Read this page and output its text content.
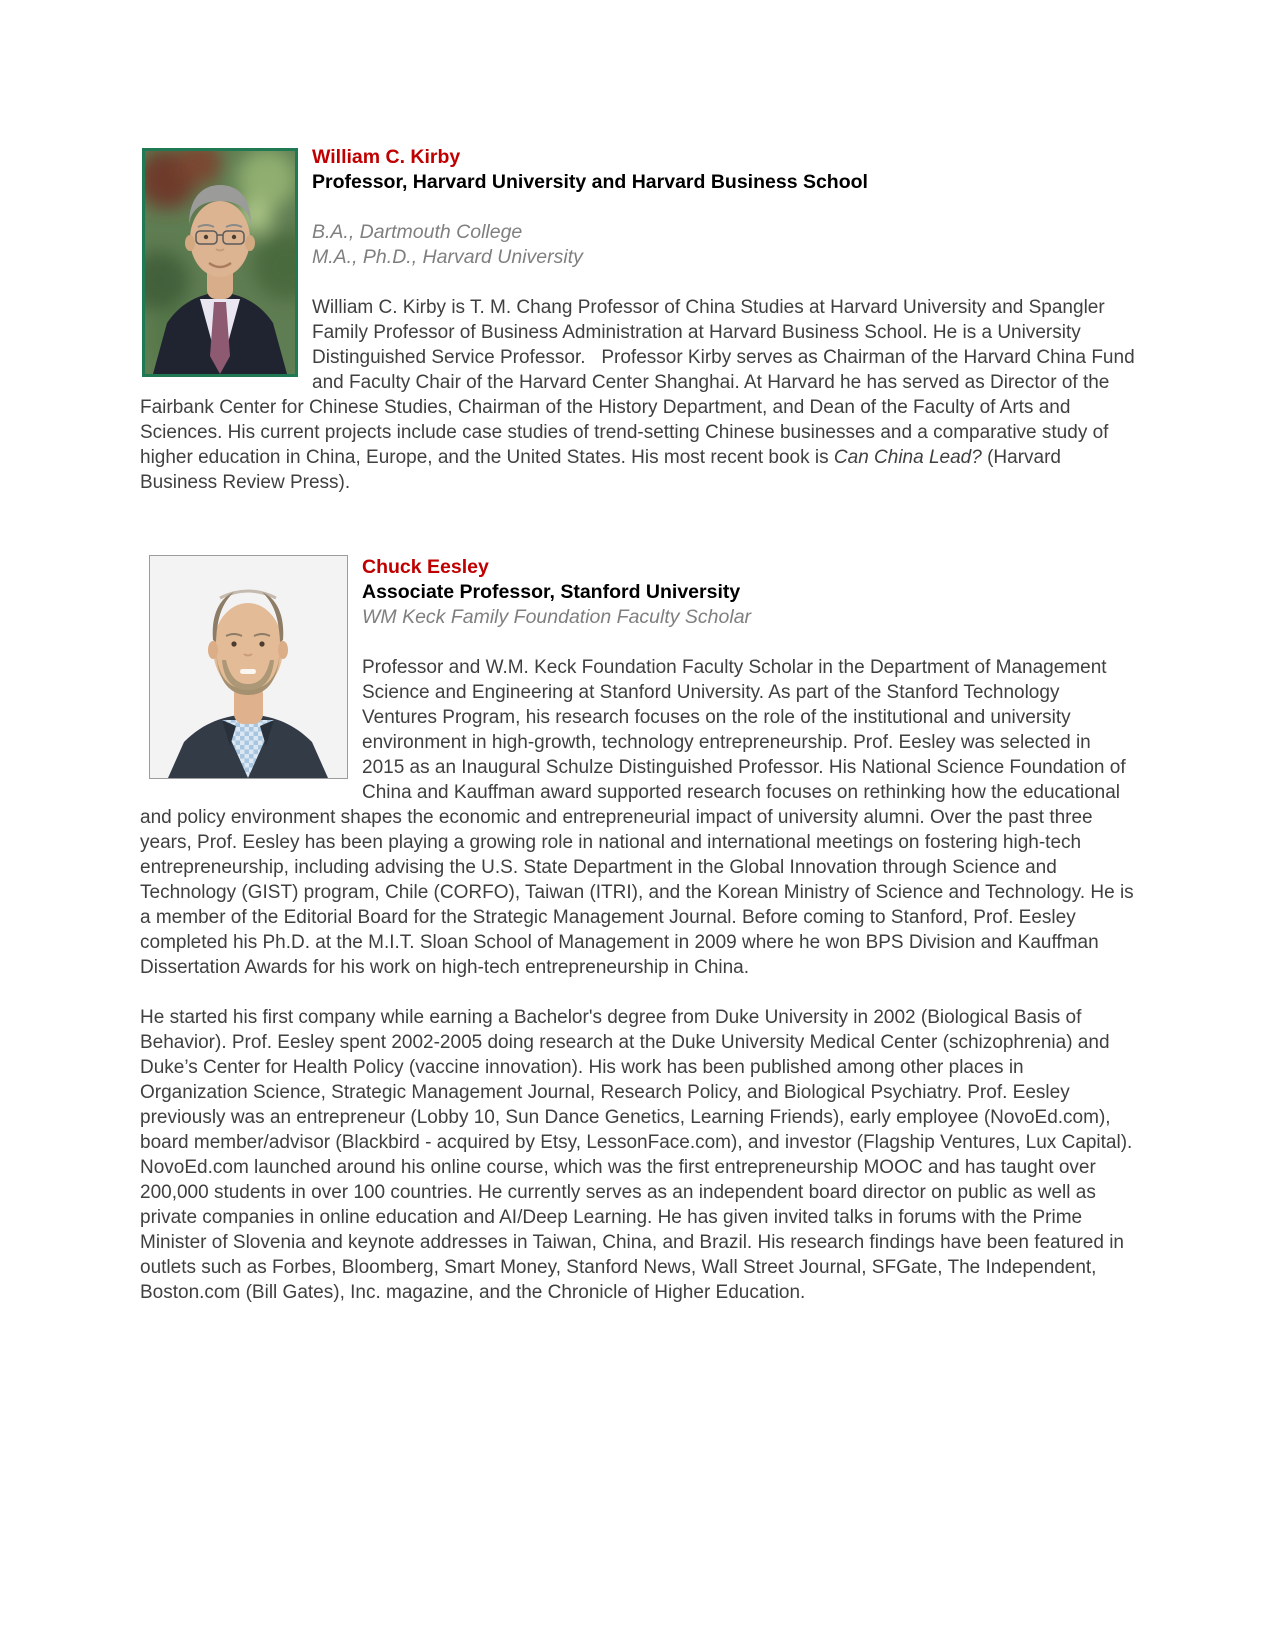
William C. Kirby
Professor, Harvard University and Harvard Business School

B.A., Dartmouth College

M.A., Ph.D., Harvard University

William C. Kirby is T. M. Chang Professor of China Studies at Harvard University and Spangler Family Professor of Business Administration at Harvard Business School. He is a University Distinguished Service Professor.   Professor Kirby serves as Chairman of the Harvard China Fund and Faculty Chair of the Harvard Center Shanghai. At Harvard he has served as Director of the Fairbank Center for Chinese Studies, Chairman of the History Department, and Dean of the Faculty of Arts and Sciences. His current projects include case studies of trend-setting Chinese businesses and a comparative study of higher education in China, Europe, and the United States. His most recent book is Can China Lead? (Harvard Business Review Press).

Chuck Eesley
Associate Professor, Stanford University

WM Keck Family Foundation Faculty Scholar

Professor and W.M. Keck Foundation Faculty Scholar in the Department of Management Science and Engineering at Stanford University. As part of the Stanford Technology Ventures Program, his research focuses on the role of the institutional and university environment in high-growth, technology entrepreneurship. Prof. Eesley was selected in 2015 as an Inaugural Schulze Distinguished Professor. His National Science Foundation of China and Kauffman award supported research focuses on rethinking how the educational and policy environment shapes the economic and entrepreneurial impact of university alumni. Over the past three years, Prof. Eesley has been playing a growing role in national and international meetings on fostering high-tech entrepreneurship, including advising the U.S. State Department in the Global Innovation through Science and Technology (GIST) program, Chile (CORFO), Taiwan (ITRI), and the Korean Ministry of Science and Technology. He is a member of the Editorial Board for the Strategic Management Journal. Before coming to Stanford, Prof. Eesley completed his Ph.D. at the M.I.T. Sloan School of Management in 2009 where he won BPS Division and Kauffman Dissertation Awards for his work on high-tech entrepreneurship in China.

He started his first company while earning a Bachelor's degree from Duke University in 2002 (Biological Basis of Behavior). Prof. Eesley spent 2002-2005 doing research at the Duke University Medical Center (schizophrenia) and Duke’s Center for Health Policy (vaccine innovation). His work has been published among other places in Organization Science, Strategic Management Journal, Research Policy, and Biological Psychiatry. Prof. Eesley previously was an entrepreneur (Lobby 10, Sun Dance Genetics, Learning Friends), early employee (NovoEd.com), board member/advisor (Blackbird - acquired by Etsy, LessonFace.com), and investor (Flagship Ventures, Lux Capital). NovoEd.com launched around his online course, which was the first entrepreneurship MOOC and has taught over 200,000 students in over 100 countries. He currently serves as an independent board director on public as well as private companies in online education and AI/Deep Learning. He has given invited talks in forums with the Prime Minister of Slovenia and keynote addresses in Taiwan, China, and Brazil. His research findings have been featured in outlets such as Forbes, Bloomberg, Smart Money, Stanford News, Wall Street Journal, SFGate, The Independent, Boston.com (Bill Gates), Inc. magazine, and the Chronicle of Higher Education.
